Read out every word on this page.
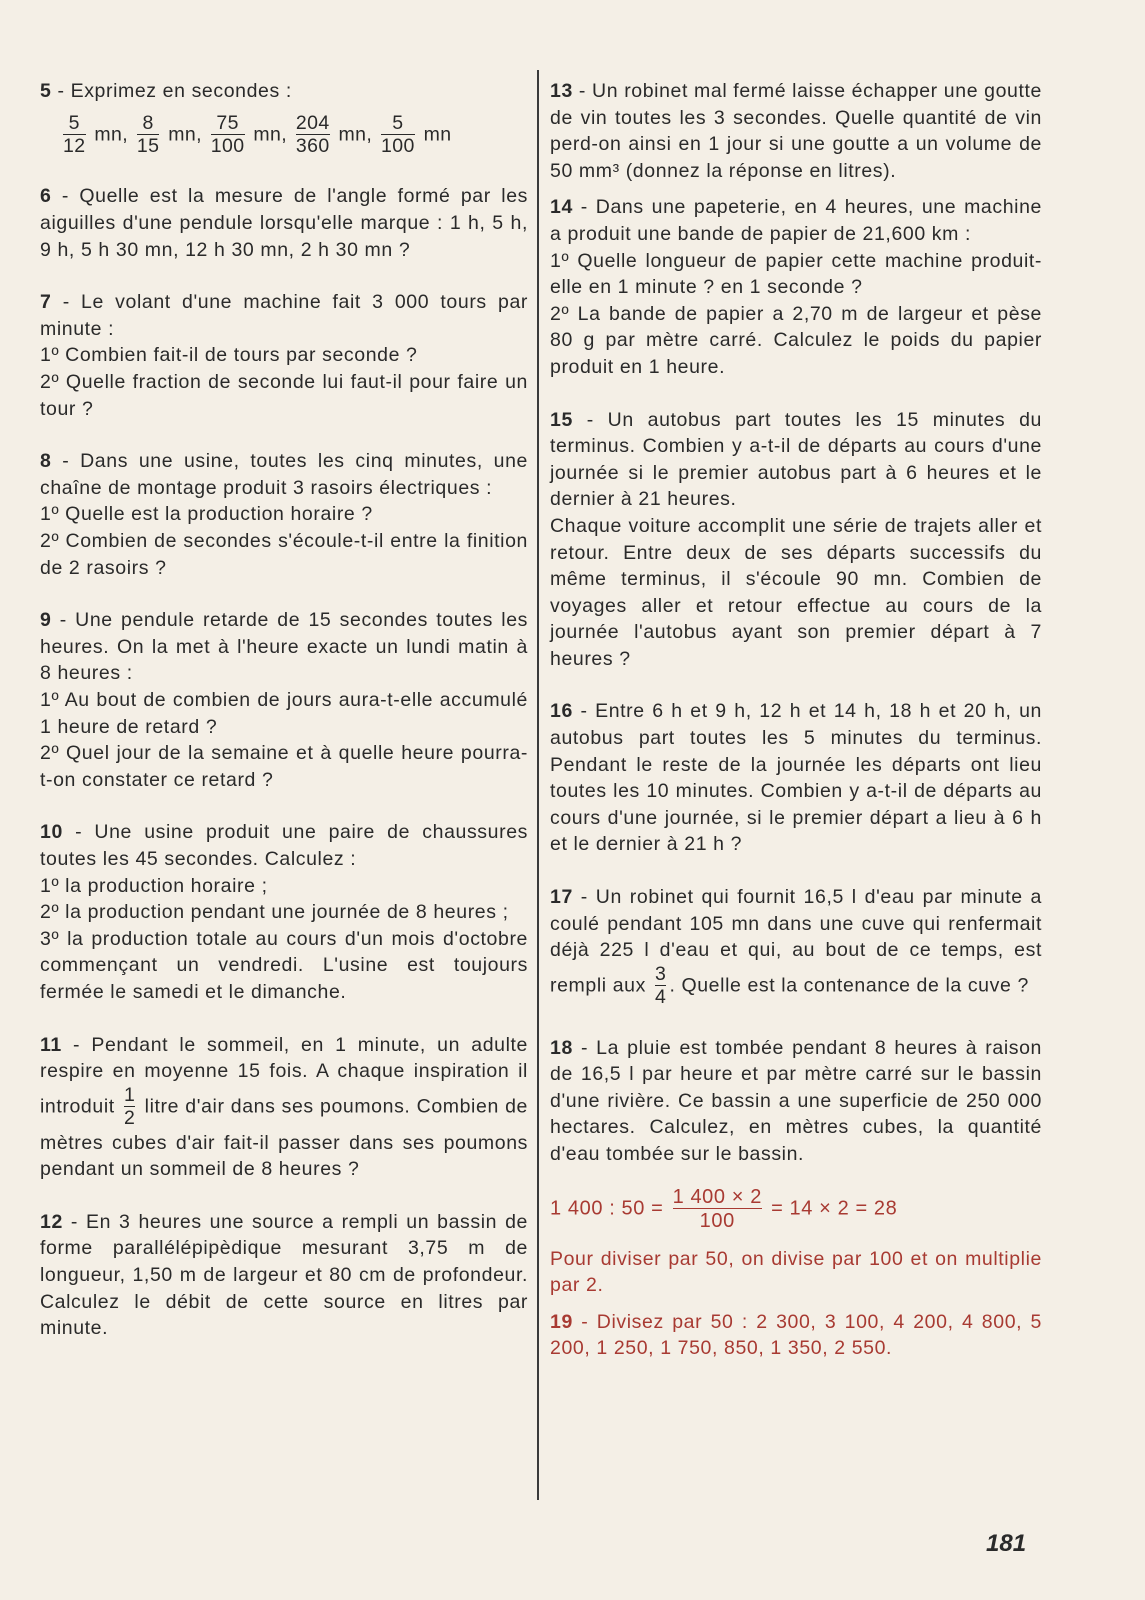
5 - Exprimez en secondes :
$\frac{5}{12}$ mn, $\frac{8}{15}$ mn, $\frac{75}{100}$ mn, $\frac{204}{360}$ mn, $\frac{5}{100}$ mn
6 - Quelle est la mesure de l'angle formé par les aiguilles d'une pendule lorsqu'elle marque : 1 h, 5 h, 9 h, 5 h 30 mn, 12 h 30 mn, 2 h 30 mn ?
7 - Le volant d'une machine fait 3 000 tours par minute :
1º Combien fait-il de tours par seconde ?
2º Quelle fraction de seconde lui faut-il pour faire un tour ?
8 - Dans une usine, toutes les cinq minutes, une chaîne de montage produit 3 rasoirs électriques :
1º Quelle est la production horaire ?
2º Combien de secondes s'écoule-t-il entre la finition de 2 rasoirs ?
9 - Une pendule retarde de 15 secondes toutes les heures. On la met à l'heure exacte un lundi matin à 8 heures :
1º Au bout de combien de jours aura-t-elle accumulé 1 heure de retard ?
2º Quel jour de la semaine et à quelle heure pourra-t-on constater ce retard ?
10 - Une usine produit une paire de chaussures toutes les 45 secondes. Calculez :
1º la production horaire ;
2º la production pendant une journée de 8 heures ;
3º la production totale au cours d'un mois d'octobre commençant un vendredi. L'usine est toujours fermée le samedi et le dimanche.
11 - Pendant le sommeil, en 1 minute, un adulte respire en moyenne 15 fois. A chaque inspiration il introduit $\frac{1}{2}$ litre d'air dans ses poumons. Combien de mètres cubes d'air fait-il passer dans ses poumons pendant un sommeil de 8 heures ?
12 - En 3 heures une source a rempli un bassin de forme parallélépipèdique mesurant 3,75 m de longueur, 1,50 m de largeur et 80 cm de profondeur. Calculez le débit de cette source en litres par minute.
13 - Un robinet mal fermé laisse échapper une goutte de vin toutes les 3 secondes. Quelle quantité de vin perd-on ainsi en 1 jour si une goutte a un volume de 50 mm³ (donnez la réponse en litres).
14 - Dans une papeterie, en 4 heures, une machine a produit une bande de papier de 21,600 km :
1º Quelle longueur de papier cette machine produit-elle en 1 minute ? en 1 seconde ?
2º La bande de papier a 2,70 m de largeur et pèse 80 g par mètre carré. Calculez le poids du papier produit en 1 heure.
15 - Un autobus part toutes les 15 minutes du terminus. Combien y a-t-il de départs au cours d'une journée si le premier autobus part à 6 heures et le dernier à 21 heures.
Chaque voiture accomplit une série de trajets aller et retour. Entre deux de ses départs successifs du même terminus, il s'écoule 90 mn. Combien de voyages aller et retour effectue au cours de la journée l'autobus ayant son premier départ à 7 heures ?
16 - Entre 6 h et 9 h, 12 h et 14 h, 18 h et 20 h, un autobus part toutes les 5 minutes du terminus. Pendant le reste de la journée les départs ont lieu toutes les 10 minutes. Combien y a-t-il de départs au cours d'une journée, si le premier départ a lieu à 6 h et le dernier à 21 h ?
17 - Un robinet qui fournit 16,5 l d'eau par minute a coulé pendant 105 mn dans une cuve qui renfermait déjà 225 l d'eau et qui, au bout de ce temps, est rempli aux $\frac{3}{4}$ . Quelle est la contenance de la cuve ?
18 - La pluie est tombée pendant 8 heures à raison de 16,5 l par heure et par mètre carré sur le bassin d'une rivière. Ce bassin a une superficie de 250 000 hectares. Calculez, en mètres cubes, la quantité d'eau tombée sur le bassin.
1 400 : $50 = \frac{1 400 \times 2}{100} = 14 \times 2 = 28$
Pour diviser par 50, on divise par 100 et on multiplie par 2.
19 - Divisez par 50 : 2 300, 3 100, 4 200, 4 800, 5 200, 1 250, 1 750, 850, 1 350, 2 550.
181
